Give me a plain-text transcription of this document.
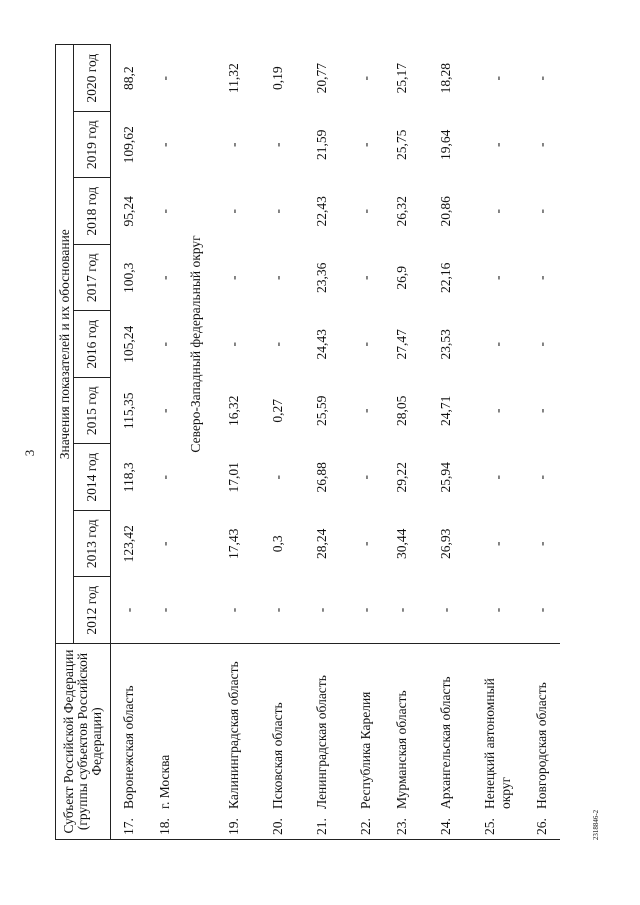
3
2318846-2
Субъект Российской Федерации (группы субъектов Российской Федерации)	Значения показателей и их обоснование								
	2012 год	2013 год	2014 год	2015 год	2016 год	2017 год	2018 год	2019 год	2020 год
17.Воронежская область	-	123,42	118,3	115,35	105,24	100,3	95,24	109,62	88,2
18.г. Москва	-	-	-	-	-	-	-	-	-
	Северо-Западный федеральный округ								
19.Калининградская область	-	17,43	17,01	16,32	-	-	-	-	11,32
20.Псковская область	-	0,3	-	0,27	-	-	-	-	0,19
21.Ленинградская область	-	28,24	26,88	25,59	24,43	23,36	22,43	21,59	20,77
22.Республика Карелия	-	-	-	-	-	-	-	-	-
23.Мурманская область	-	30,44	29,22	28,05	27,47	26,9	26,32	25,75	25,17
24.Архангельская область	-	26,93	25,94	24,71	23,53	22,16	20,86	19,64	18,28
25.Ненецкий автономный округ	-	-	-	-	-	-	-	-	-
26.Новгородская область	-	-	-	-	-	-	-	-	-
